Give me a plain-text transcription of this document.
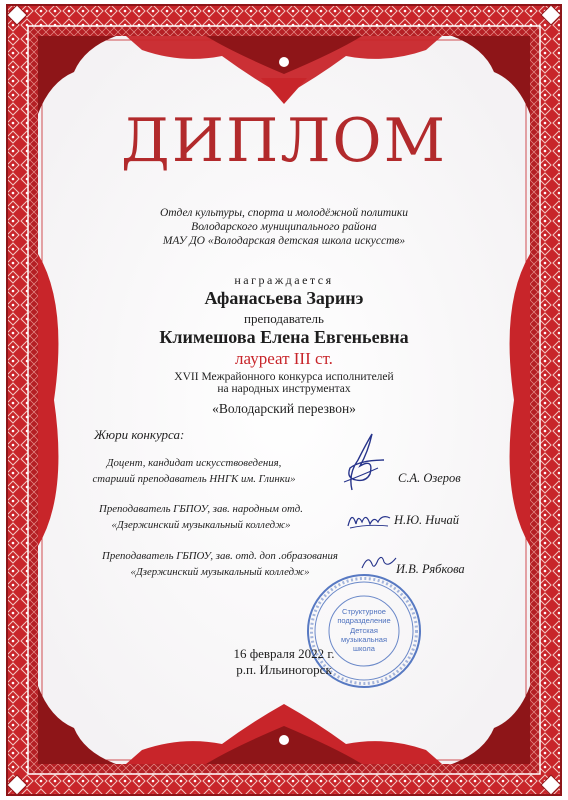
ДИПЛОМ

Отдел культуры, спорта и молодёжной политики

Володарского муниципального района

МАУ ДО «Володарская детская школа искусств»

награждается

Афанасьева Заринэ

преподаватель

Климешова Елена Евгеньевна

лауреат III ст.

XVII Межрайонного конкурса исполнителей

на народных инструментах

«Володарский перезвон»

Жюри конкурса:
Доцент, кандидат искусствоведения,
старший преподаватель ННГК им. Глинки»	С.А. Озеров
Преподаватель ГБПОУ, зав. народным отд.
«Дзержинский музыкальный колледж»	Н.Ю. Ничай
Преподаватель ГБПОУ, зав. отд. доп .образования
«Дзержинский музыкальный колледж»	И.В. Рябкова
Структурное
подразделение
Детская
музыкальная
школа

16 февраля 2022 г.

р.п. Ильиногорск
